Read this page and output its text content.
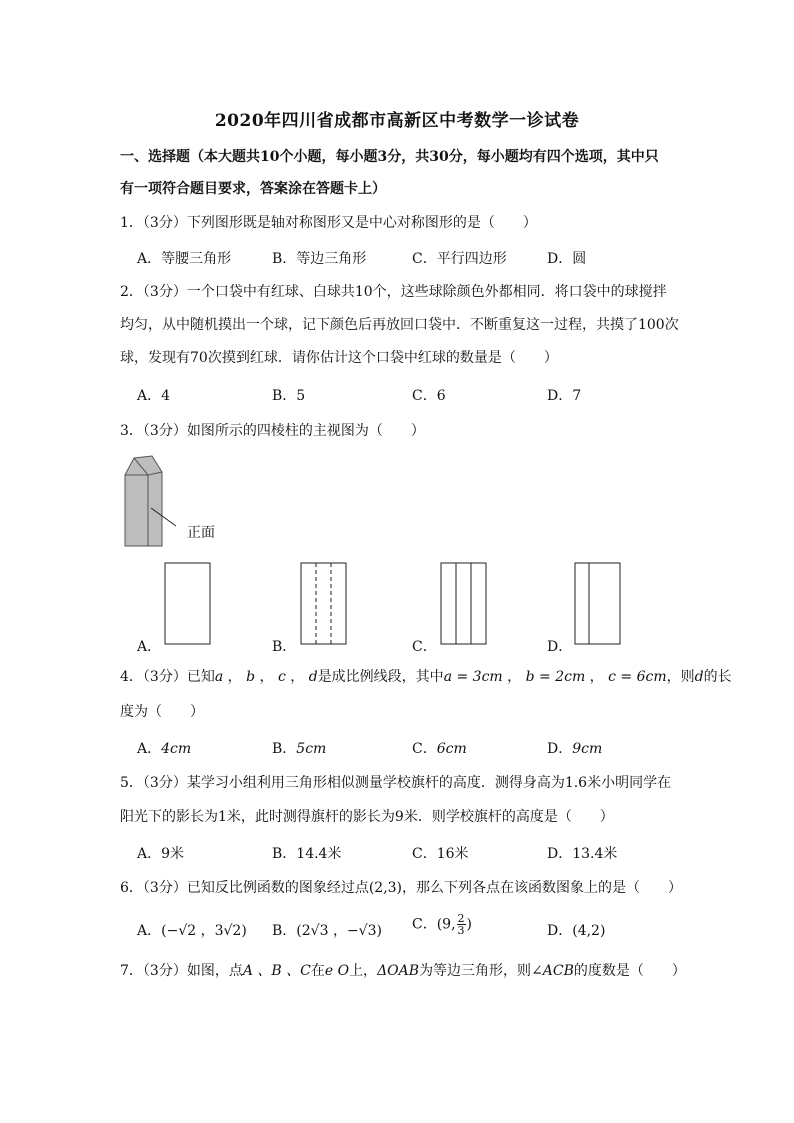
2020年四川省成都市高新区中考数学一诊试卷
一、选择题（本大题共10个小题，每小题3分，共30分，每小题均有四个选项，其中只
有一项符合题目要求，答案涂在答题卡上）
1．（3分）下列图形既是轴对称图形又是中心对称图形的是（　　）
A．等腰三角形	B．等边三角形	C．平行四边形	D．圆
2．（3分）一个口袋中有红球、白球共10个，这些球除颜色外都相同．将口袋中的球搅拌
均匀，从中随机摸出一个球，记下颜色后再放回口袋中．不断重复这一过程，共摸了100次
球，发现有70次摸到红球．请你估计这个口袋中红球的数量是（　　）
A．4	B．5	C．6	D．7
3．（3分）如图所示的四棱柱的主视图为（　　）
正面
A．	B．	C．	D．
4．（3分）已知a ， b ， c ， d是成比例线段，其中a = 3cm ， b = 2cm ， c = 6cm，则d的长
度为（　　）
A．4cm	B．5cm	C．6cm	D．9cm
5．（3分）某学习小组利用三角形相似测量学校旗杆的高度．测得身高为1.6米小明同学在
阳光下的影长为1米，此时测得旗杆的影长为9米．则学校旗杆的高度是（　　）
A．9米	B．14.4米	C．16米	D．13.4米
6．（3分）已知反比例函数的图象经过点(2,3)，那么下列各点在该函数图象上的是（　　）
A．(−√2 ，3√2) B．(2√3 ，−√3) C．(9, $\frac{2}{3}$ )	D．(4,2)
7．（3分）如图，点A 、B 、C在e O上，ΔOAB为等边三角形，则∠ACB的度数是（　　）
